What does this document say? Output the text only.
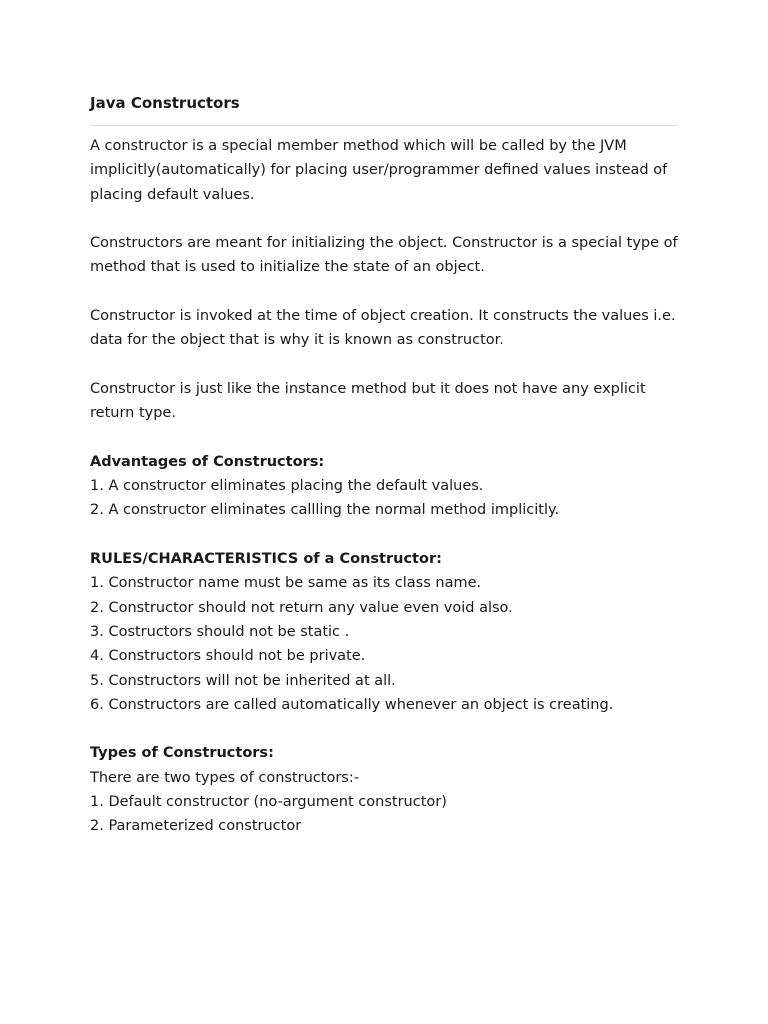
Java Constructors

A constructor is a special member method which will be called by the JVM implicitly(automatically) for placing user/programmer defined values instead of placing default values.

Constructors are meant for initializing the object. Constructor is a special type of method that is used to initialize the state of an object.

Constructor is invoked at the time of object creation. It constructs the values i.e. data for the object that is why it is known as constructor.

Constructor is just like the instance method but it does not have any explicit return type.

Advantages of Constructors:

1. A constructor eliminates placing the default values.

2. A constructor eliminates callling the normal method implicitly.

RULES/CHARACTERISTICS of a Constructor:

1. Constructor name must be same as its class name.

2. Constructor should not return any value even void also.

3. Costructors should not be static .

4. Constructors should not be private.

5. Constructors will not be inherited at all.

6. Constructors are called automatically whenever an object is creating.

Types of Constructors:

There are two types of constructors:-

1. Default constructor (no-argument constructor)

2. Parameterized constructor
